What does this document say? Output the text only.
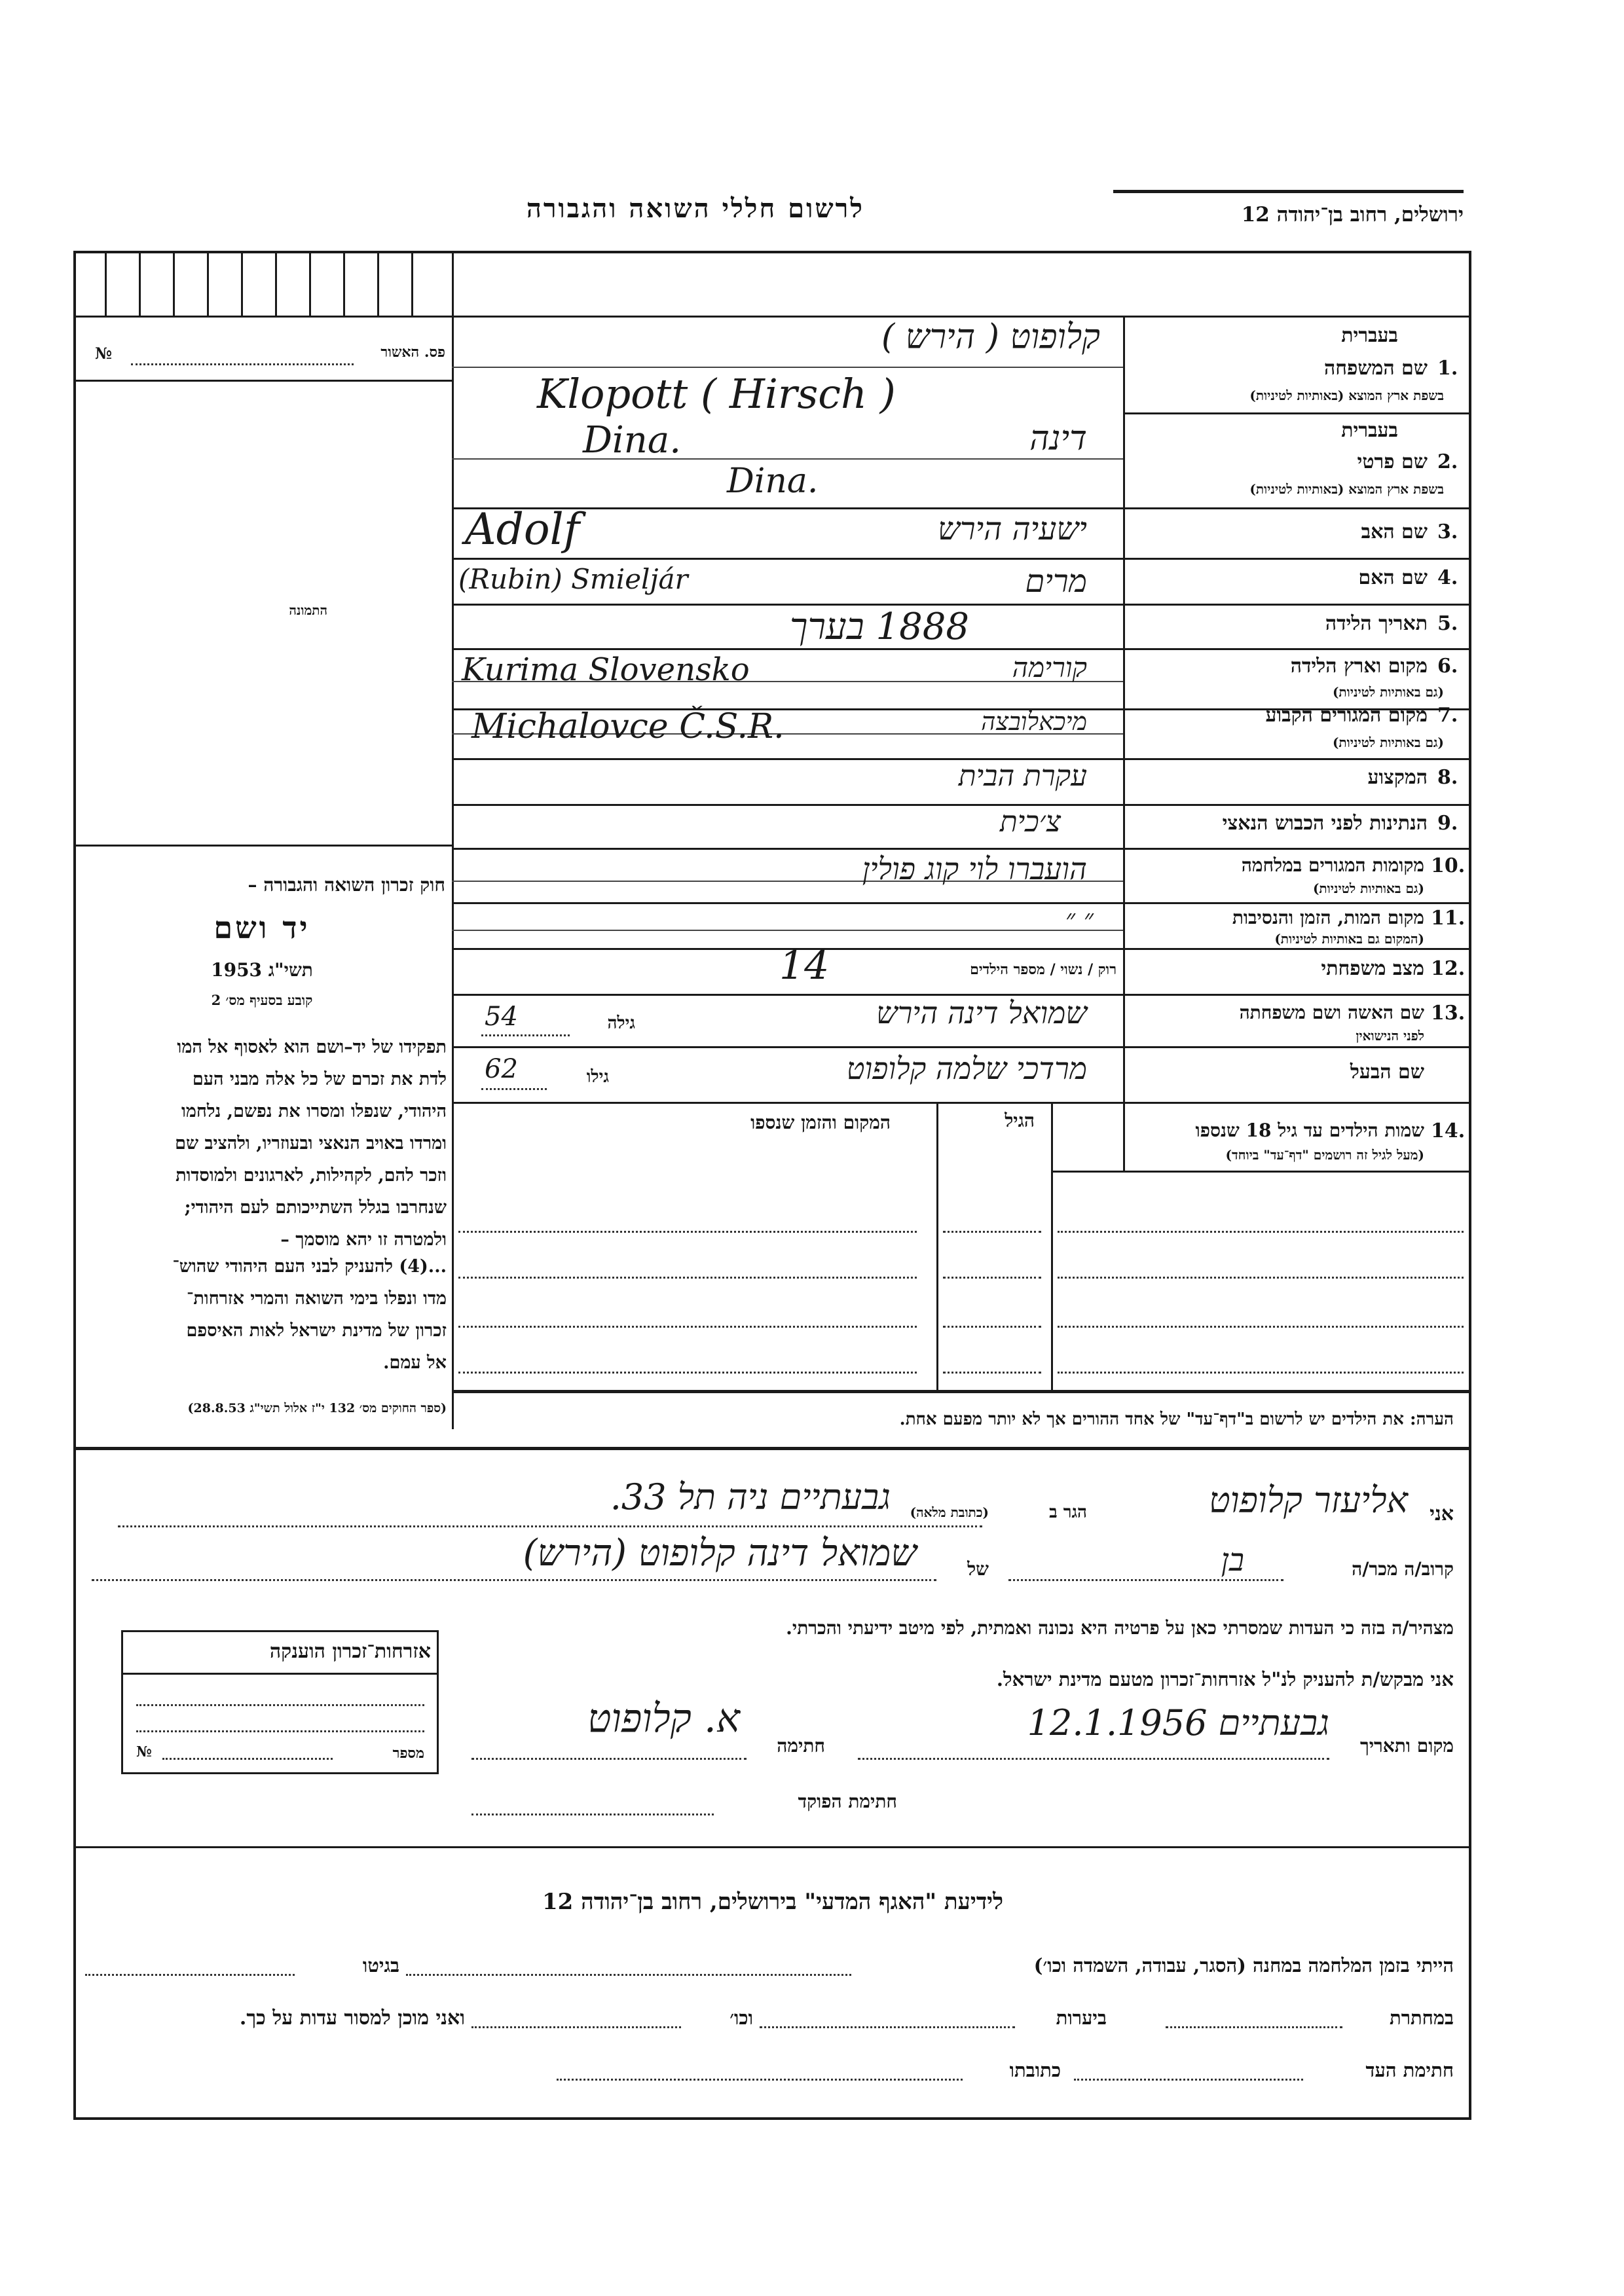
ירושלים, רחוב בן־יהודה 12
לרשום חללי השואה והגבורה
פס. האשור
№
התמונה
חוק זכרון השואה והגבורה –
יד ושם
תשי"ג 1953
קובע בסעיף מס׳ 2
תפקידו של יד–ושם הוא לאסוף אל המו
לדת את זכרם של כל אלה מבני העם
היהודי, שנפלו ומסרו את נפשם, נלחמו
ומרדו באויב הנאצי ובעוזריו, ולהציב שם
וזכר להם, לקהילות, לארגונים ולמוסדות
שנחרבו בגלל השתייכותם לעם היהודי;
ולמטרה זו יהא מוסמך –
...(4) להעניק לבני העם היהודי שהוש־
מדו ונפלו בימי השואה והמרי אזרחות־
זכרון של מדינת ישראל לאות האיספם
אל עמם.
(ספר החוקים מס׳ 132 י"ז אלול תשי"ג 28.8.53)
בעברית
1.
שם המשפחה
בשפת ארץ המוצא (באותיות לטיניות)
קלופוט ( הירש )
Klopott ( Hirsch )
בעברית
2.
שם פרטי
בשפת ארץ המוצא (באותיות לטיניות)
Dina.	דינה
Dina.
3.
שם האב
Adolf	ישעיה הירש
4.
שם האם
(Rubin) Smieljár	מרים
5.
תאריך הלידה
1888 בערך
6.
מקום וארץ הלידה
(גם באותיות לטיניות)
Kurima Slovensko	קורימה
7.
מקום המגורים הקבוע
(גם באותיות לטיניות)
Michalovce Č.S.R.	מיכאלובצה
8.
המקצוע
עקרת הבית
9.
הנתינות לפני הכבוש הנאצי
צ׳כית
10.
מקומות המגורים במלחמה
(גם באותיות לטיניות)
הועברו לוי קוג פולין
11.
מקום המות, הזמן והנסיבות
(המקום גם באותיות לטיניות)
״ ״
12.
מצב משפחתי
רוק / נשוי / מספר הילדים
14
13.
שם האשה ושם משפחתה
לפני הנישואין
שמואל דינה הירש
גילה
54
שם הבעל
מרדכי שלמה קלופוט
גילו
62
14.
שמות הילדים עד גיל 18 שנספו
(מעל לגיל זה רושמים "דף־עד" ביוחד)
הגיל
המקום והזמן שנספו
הערה: את הילדים יש לרשום ב"דף־עד" של אחד ההורים אך לא יותר מפעם אחת.
אני
אליעזר קלופוט
הגר ב
(כתובת מלאה)
גבעתיים ניה תל 33.
קרוב/ה מכר/ה
בן
של
שמואל דינה קלופוט (הירש)
מצהיר/ה בזה כי העדות שמסרתי כאן על פרטיה היא נכונה ואמתית, לפי מיטב ידיעתי והכרתי.
אני מבקש/ת להעניק לנ"ל אזרחות־זכרון מטעם מדינת ישראל.
מקום ותאריך
גבעתיים 12.1.1956
חתימה
א. קלופוט
חתימת הפוקד
אזרחות־זכרון הוענקה
מספר
№
לידיעת "האגף המדעי" בירושלים, רחוב בן־יהודה 12
הייתי בזמן המלחמה במחנה (הסגר, עבודה, השמדה וכו׳)
בגיטו
במחתרת
ביערות
וכו׳
ואני מוכן למסור עדות על כך.
חתימת העד
כתובתו
